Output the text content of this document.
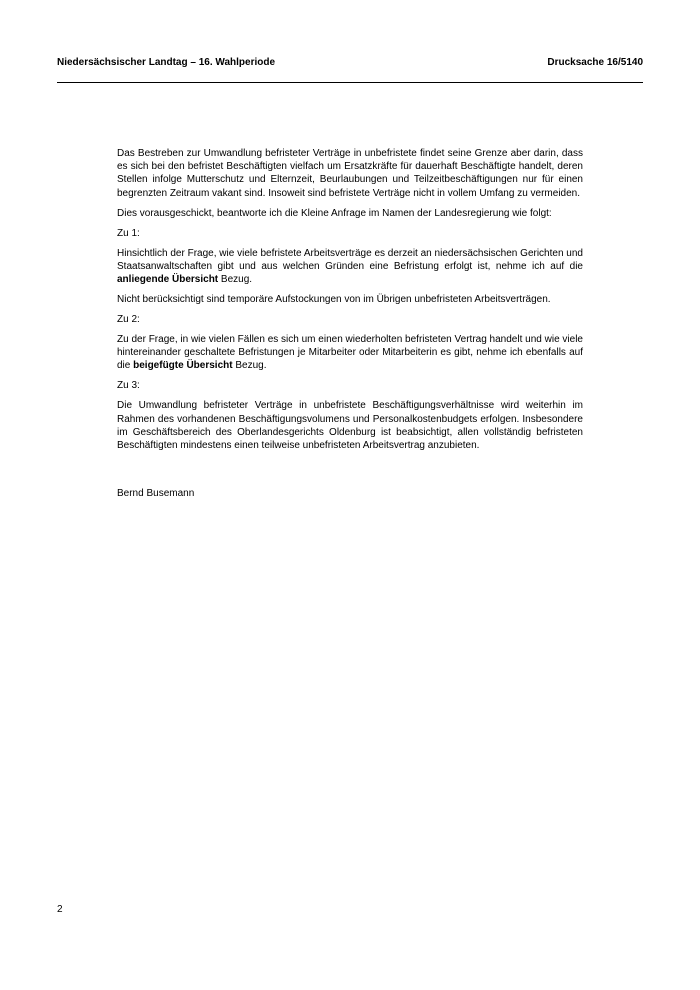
Niedersächsischer Landtag – 16. Wahlperiode	Drucksache 16/5140

Das Bestreben zur Umwandlung befristeter Verträge in unbefristete findet seine Grenze aber darin, dass es sich bei den befristet Beschäftigten vielfach um Ersatzkräfte für dauerhaft Beschäftigte handelt, deren Stellen infolge Mutterschutz und Elternzeit, Beurlaubungen und Teilzeitbeschäftigungen nur für einen begrenzten Zeitraum vakant sind. Insoweit sind befristete Verträge nicht in vollem Umfang zu vermeiden.

Dies vorausgeschickt, beantworte ich die Kleine Anfrage im Namen der Landesregierung wie folgt:

Zu 1:

Hinsichtlich der Frage, wie viele befristete Arbeitsverträge es derzeit an niedersächsischen Gerichten und Staatsanwaltschaften gibt und aus welchen Gründen eine Befristung erfolgt ist, nehme ich auf die anliegende Übersicht Bezug.

Nicht berücksichtigt sind temporäre Aufstockungen von im Übrigen unbefristeten Arbeitsverträgen.

Zu 2:

Zu der Frage, in wie vielen Fällen es sich um einen wiederholten befristeten Vertrag handelt und wie viele hintereinander geschaltete Befristungen je Mitarbeiter oder Mitarbeiterin es gibt, nehme ich ebenfalls auf die beigefügte Übersicht Bezug.

Zu 3:

Die Umwandlung befristeter Verträge in unbefristete Beschäftigungsverhältnisse wird weiterhin im Rahmen des vorhandenen Beschäftigungsvolumens und Personalkostenbudgets erfolgen. Insbesondere im Geschäftsbereich des Oberlandesgerichts Oldenburg ist beabsichtigt, allen vollständig befristeten Beschäftigten mindestens einen teilweise unbefristeten Arbeitsvertrag anzubieten.

Bernd Busemann
2
